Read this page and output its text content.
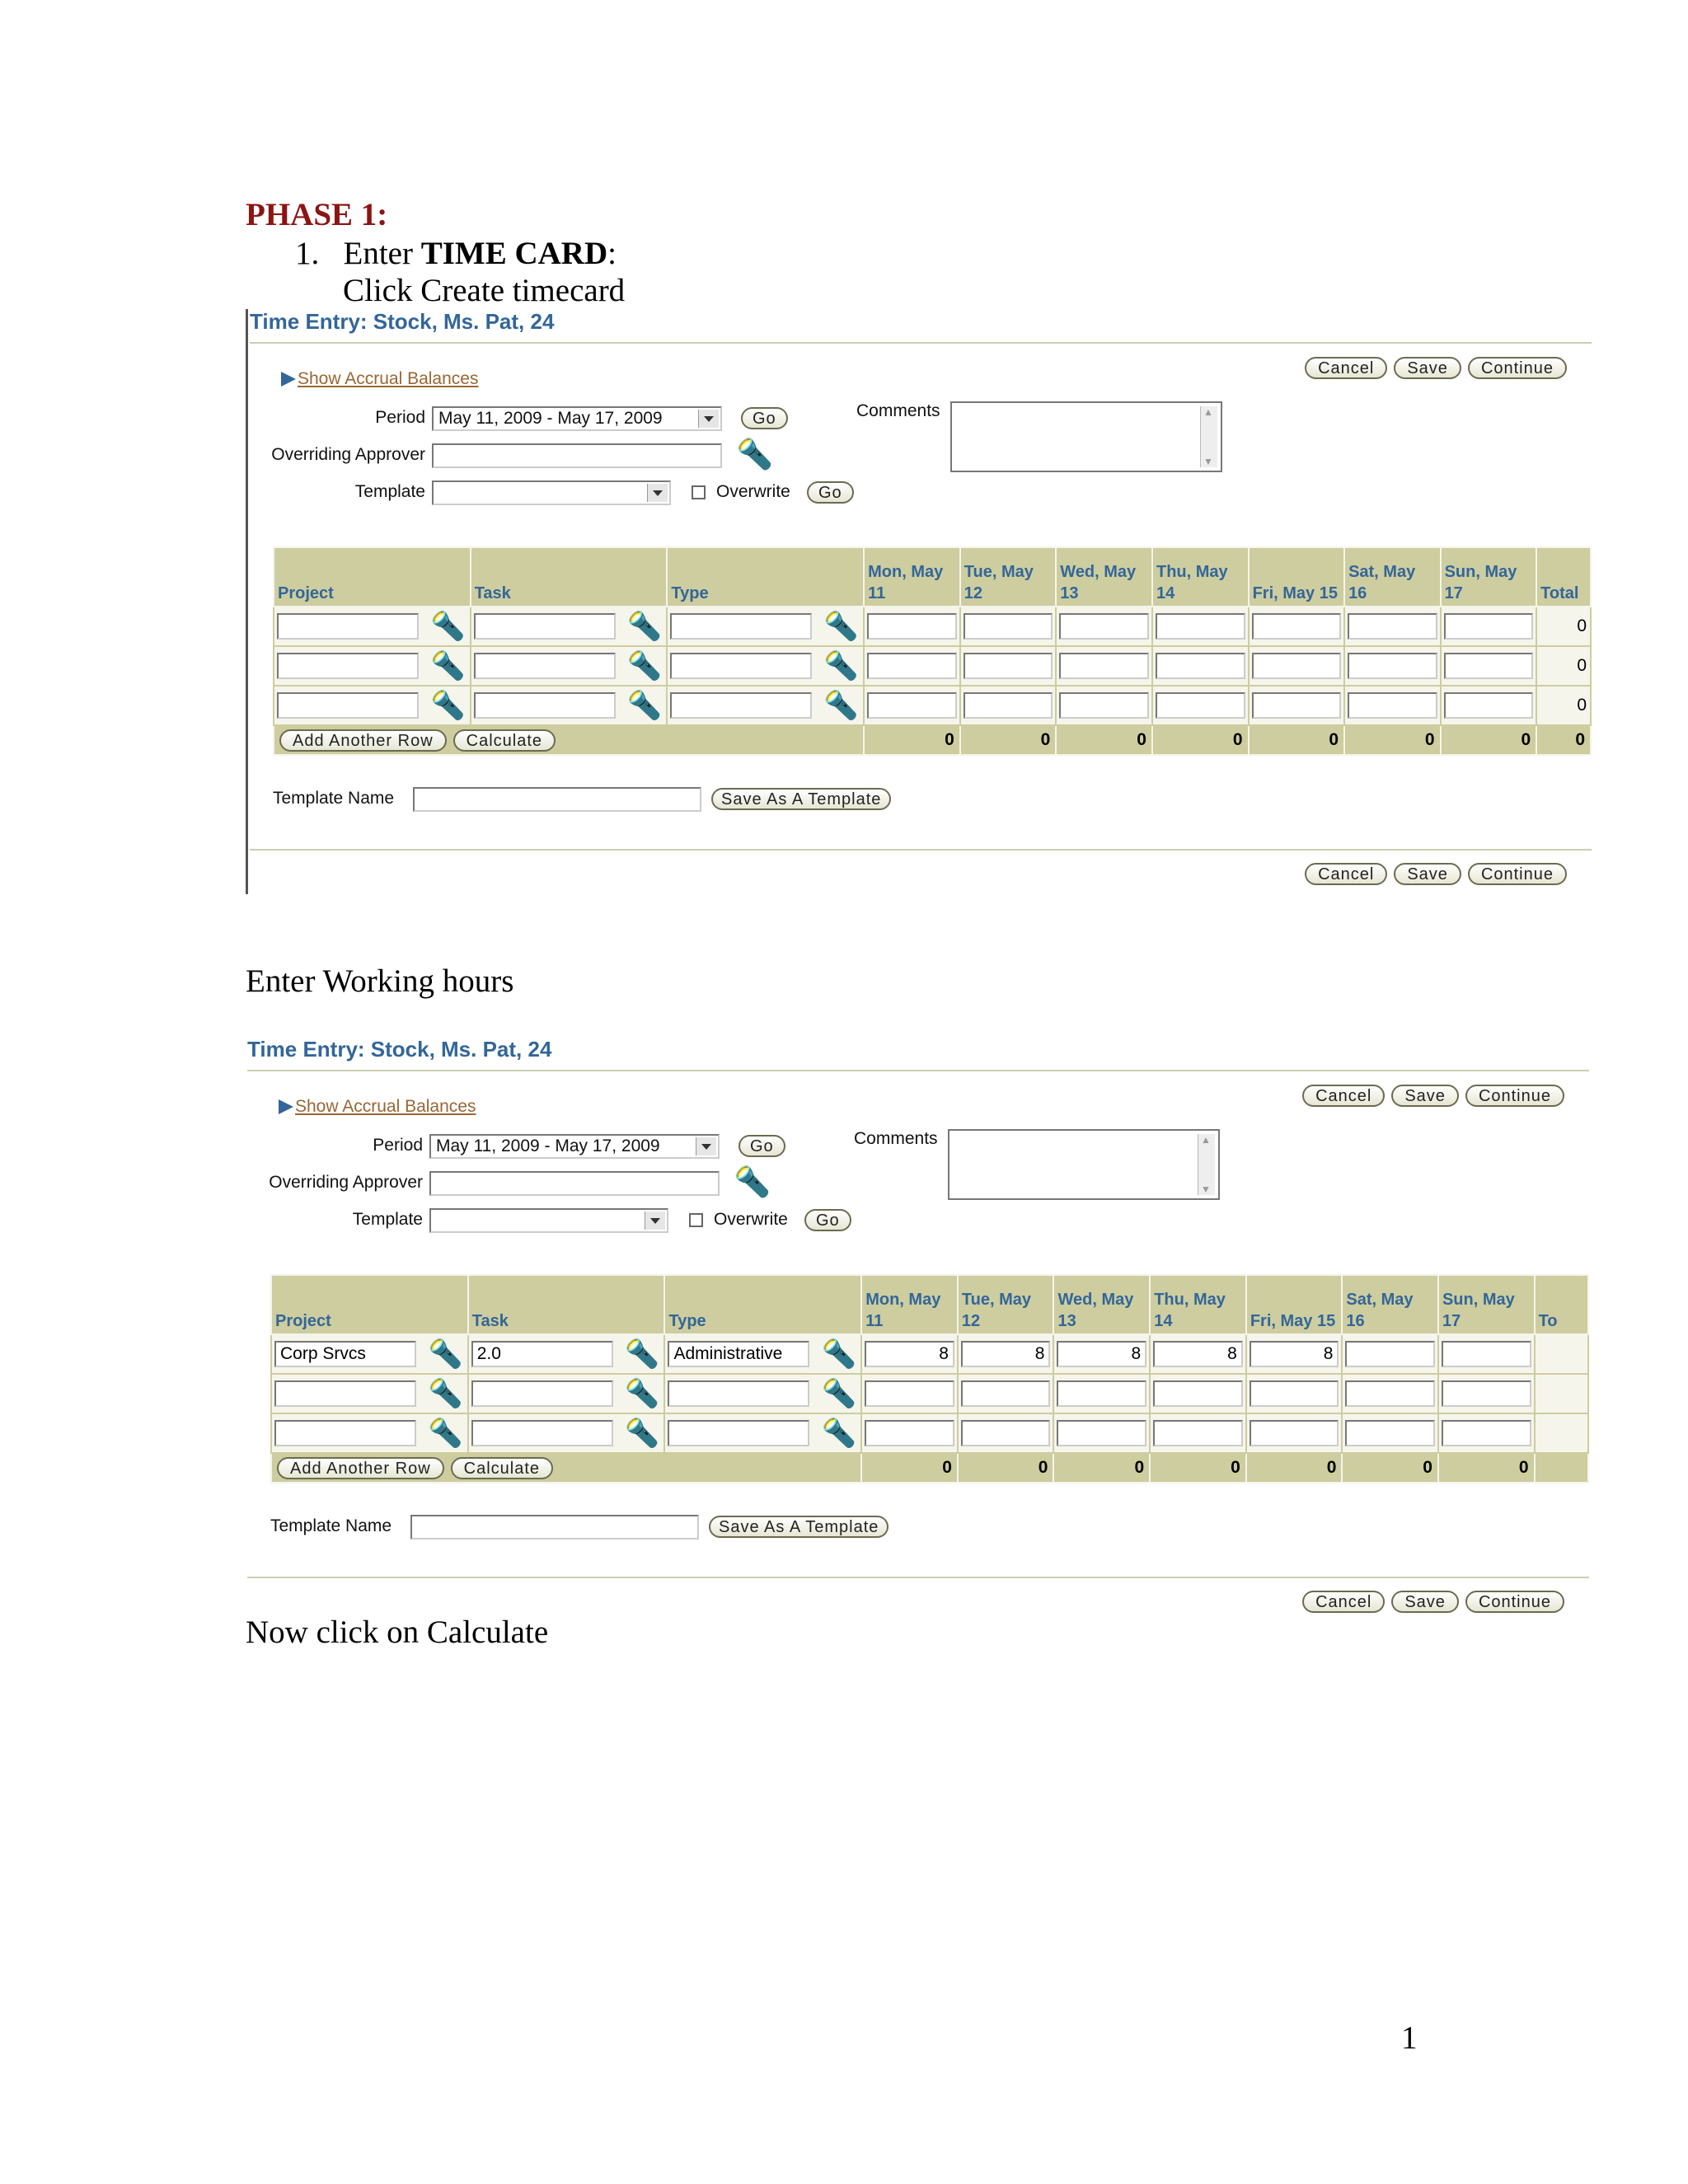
PHASE 1:
1. Enter TIME CARD:
Click Create timecard
Enter Working hours
Now click on Calculate
1
Time Entry: Stock, Ms. Pat, 24
Cancel	Save	Continue
Show Accrual Balances
Period May 11, 2009 - May 17, 2009	Go
Overriding Approver	🔦
Template	Overwrite	Go
Comments
▲ ▼
Project	Task	Type	Mon, May 11	Tue, May 12	Wed, May 13	Thu, May 14	Fri, May 15	Sat, May 16	Sun, May 17	Total
🔦	🔦	🔦								0
🔦	🔦	🔦								0
🔦	🔦	🔦								0
Add Another Row Calculate			0	0	0	0	0	0	0	0
Template Name	Save As A Template
Cancel	Save	Continue
Time Entry: Stock, Ms. Pat, 24
Cancel	Save	Continue
Show Accrual Balances
Period May 11, 2009 - May 17, 2009	Go
Overriding Approver	🔦
Template	Overwrite	Go
Comments
▲ ▼
Project	Task	Type	Mon, May 11	Tue, May 12	Wed, May 13	Thu, May 14	Fri, May 15	Sat, May 16	Sun, May 17	To
Corp Srvcs 🔦	2.0 🔦	Administrative 🔦	8	8	8	8	8			

🔦	🔦	🔦	

🔦	🔦	🔦	

Add Another Row Calculate			0	0	0	0	0	0	0	
Template Name	Save As A Template
Cancel	Save	Continue
